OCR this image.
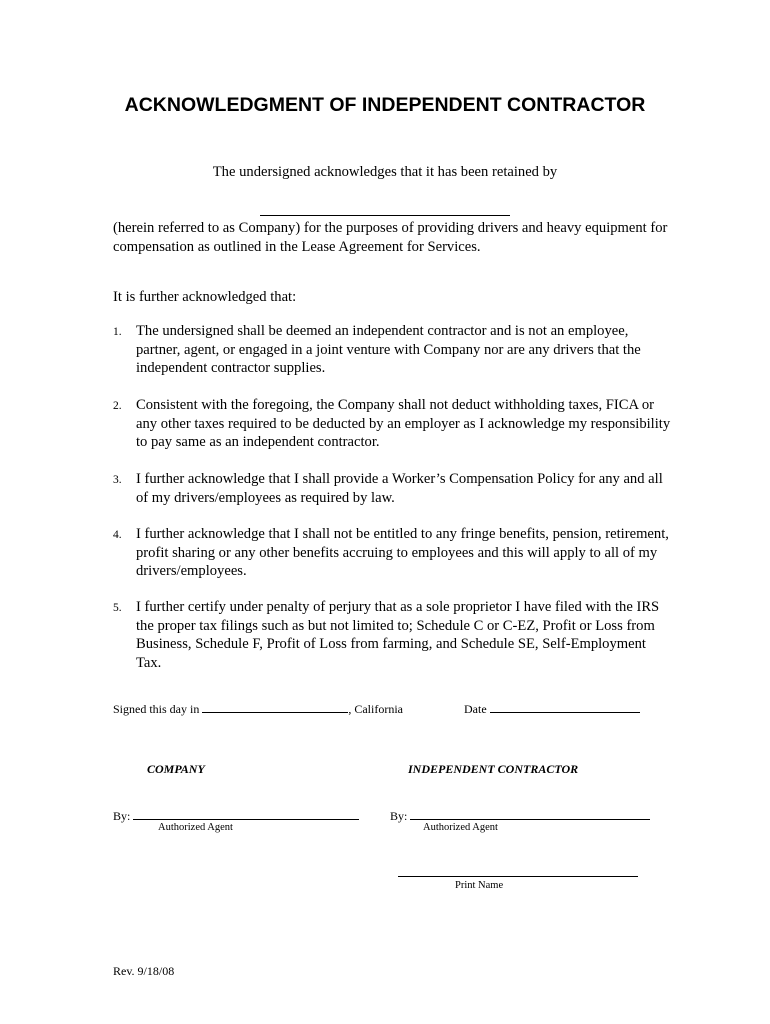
ACKNOWLEDGMENT OF INDEPENDENT CONTRACTOR
The undersigned acknowledges that it has been retained by
(herein referred to as Company) for the purposes of providing drivers and heavy equipment for compensation as outlined in the Lease Agreement for Services.
It is further acknowledged that:
1. The undersigned shall be deemed an independent contractor and is not an employee, partner, agent, or engaged in a joint venture with Company nor are any drivers that the independent contractor supplies.
2. Consistent with the foregoing, the Company shall not deduct withholding taxes, FICA or any other taxes required to be deducted by an employer as I acknowledge my responsibility to pay same as an independent contractor.
3. I further acknowledge that I shall provide a Worker’s Compensation Policy for any and all of my drivers/employees as required by law.
4. I further acknowledge that I shall not be entitled to any fringe benefits, pension, retirement, profit sharing or any other benefits accruing to employees and this will apply to all of my drivers/employees.
5. I further certify under penalty of perjury that as a sole proprietor I have filed with the IRS the proper tax filings such as but not limited to; Schedule C or C-EZ, Profit or Loss from Business, Schedule F, Profit of Loss from farming, and Schedule SE, Self-Employment Tax.
Signed this day in	, California	Date
COMPANY	INDEPENDENT CONTRACTOR
By:
Authorized Agent
By:
Authorized Agent
Print Name
Rev. 9/18/08
